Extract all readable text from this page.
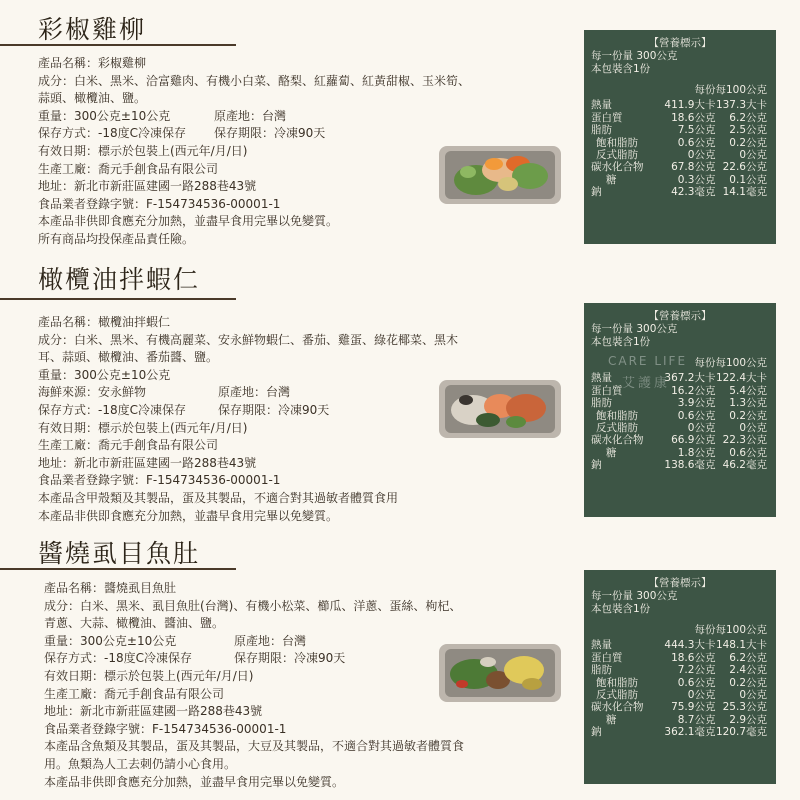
彩椒雞柳
產品名稱：彩椒雞柳
成分：白米、黑米、洽富雞肉、有機小白菜、酪梨、紅蘿蔔、紅黃甜椒、玉米筍、蒜頭、橄欖油、鹽。
重量：300公克±10公克	原產地：台灣
保存方式：-18度C冷凍保存	保存期限：冷凍90天
有效日期：標示於包裝上(西元年/月/日)
生產工廠：喬元手創食品有限公司
地址：新北市新莊區建國一路288巷43號
食品業者登錄字號：F-154734536-00001-1
本產品非供即食應充分加熱，並盡早食用完畢以免變質。
所有商品均投保產品責任險。
【營養標示】
每一份量 300公克
本包裝含1份
	每份	每100公克
熱量	411.9大卡	137.3大卡
蛋白質	18.6公克	6.2公克
脂肪	7.5公克	2.5公克
飽和脂肪	0.6公克	0.2公克
反式脂肪	0公克	0公克
碳水化合物	67.8公克	22.6公克
糖	0.3公克	0.1公克
鈉	42.3毫克	14.1毫克
橄欖油拌蝦仁
產品名稱：橄欖油拌蝦仁
成分：白米、黑米、有機高麗菜、安永鮮物蝦仁、番茄、雞蛋、綠花椰菜、黑木耳、蒜頭、橄欖油、番茄醬、鹽。
重量：300公克±10公克
海鮮來源：安永鮮物	原產地：台灣
保存方式：-18度C冷凍保存	保存期限：冷凍90天
有效日期：標示於包裝上(西元年/月/日)
生產工廠：喬元手創食品有限公司
地址：新北市新莊區建國一路288巷43號
食品業者登錄字號：F-154734536-00001-1
本產品含甲殼類及其製品，蛋及其製品，不適合對其過敏者體質食用
本產品非供即食應充分加熱，並盡早食用完畢以免變質。
【營養標示】
每一份量 300公克
本包裝含1份
	每份	每100公克
熱量	367.2大卡	122.4大卡
蛋白質	16.2公克	5.4公克
脂肪	3.9公克	1.3公克
飽和脂肪	0.6公克	0.2公克
反式脂肪	0公克	0公克
碳水化合物	66.9公克	22.3公克
糖	1.8公克	0.6公克
鈉	138.6毫克	46.2毫克
CARE LIFE
艾護康
醬燒虱目魚肚
產品名稱：醬燒虱目魚肚
成分：白米、黑米、虱目魚肚(台灣)、有機小松菜、櫛瓜、洋蔥、蛋絲、枸杞、青蔥、大蒜、橄欖油、醬油、鹽。
重量：300公克±10公克	原產地：台灣
保存方式：-18度C冷凍保存	保存期限：冷凍90天
有效日期：標示於包裝上(西元年/月/日)
生產工廠：喬元手創食品有限公司
地址：新北市新莊區建國一路288巷43號
食品業者登錄字號：F-154734536-00001-1
本產品含魚類及其製品，蛋及其製品，大豆及其製品，不適合對其過敏者體質食用。魚類為人工去刺仍請小心食用。
本產品非供即食應充分加熱，並盡早食用完畢以免變質。
【營養標示】
每一份量 300公克
本包裝含1份
	每份	每100公克
熱量	444.3大卡	148.1大卡
蛋白質	18.6公克	6.2公克
脂肪	7.2公克	2.4公克
飽和脂肪	0.6公克	0.2公克
反式脂肪	0公克	0公克
碳水化合物	75.9公克	25.3公克
糖	8.7公克	2.9公克
鈉	362.1毫克	120.7毫克
